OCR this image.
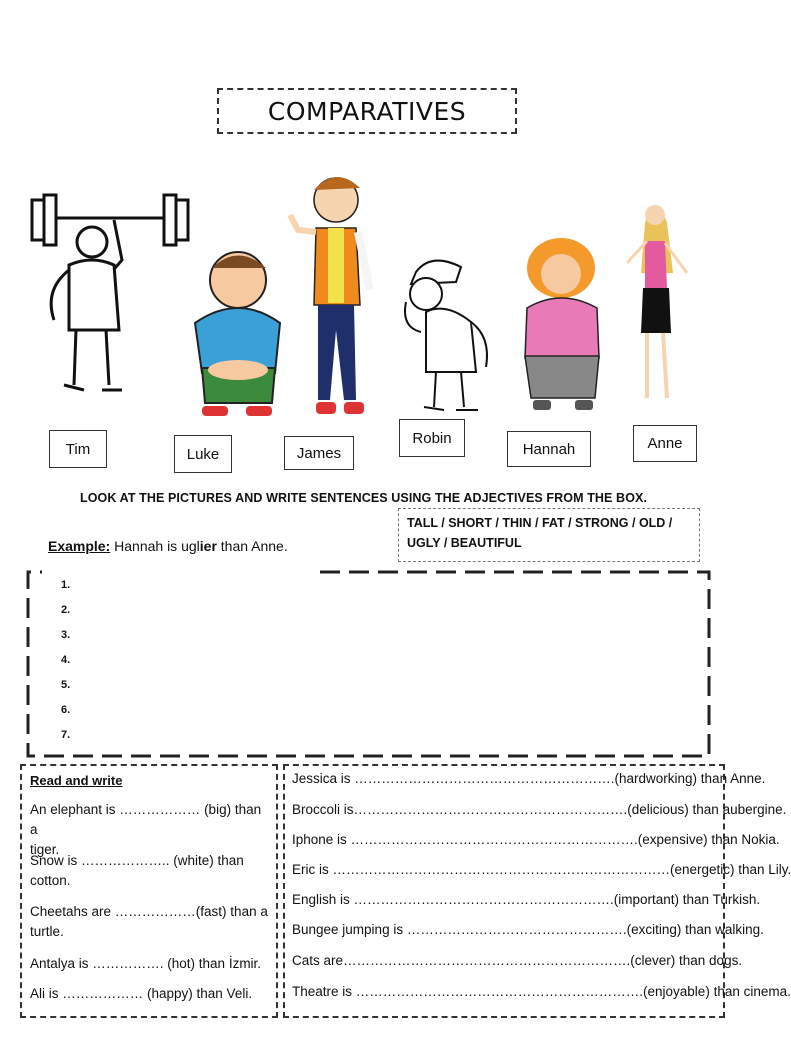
COMPARATIVES
Tim	Luke	James
Robin
Hannah	Anne
LOOK AT THE PICTURES AND WRITE SENTENCES USING THE ADJECTIVES FROM THE BOX.
TALL / SHORT / THIN / FAT / STRONG / OLD /
UGLY / BEAUTIFUL
Example: Hannah is uglier than Anne.
1.
2.
3.
4.
5.
6.
7.
Read and write
An elephant is ……………… (big) than a
tiger.
Snow is ……………….. (white) than
cotton.
Cheetahs are ………………(fast) than a
turtle.
Antalya is ……………. (hot) than İzmir.
Ali is ……………… (happy) than Veli.
Jessica is ………………………………………………….(hardworking) than Anne.
Broccoli is…………………………………………………….(delicious) than aubergine.
Iphone is ……………………………………………………….(expensive) than Nokia.
Eric is …………………………………………………………………(energetic) than Lily.
English is ………………………………………………….(important) than Turkish.
Bungee jumping is ………………………………………….(exciting) than walking.
Cats are……………………………………………………….(clever) than dogs.
Theatre is ……………………………………………………….(enjoyable) than cinema.
